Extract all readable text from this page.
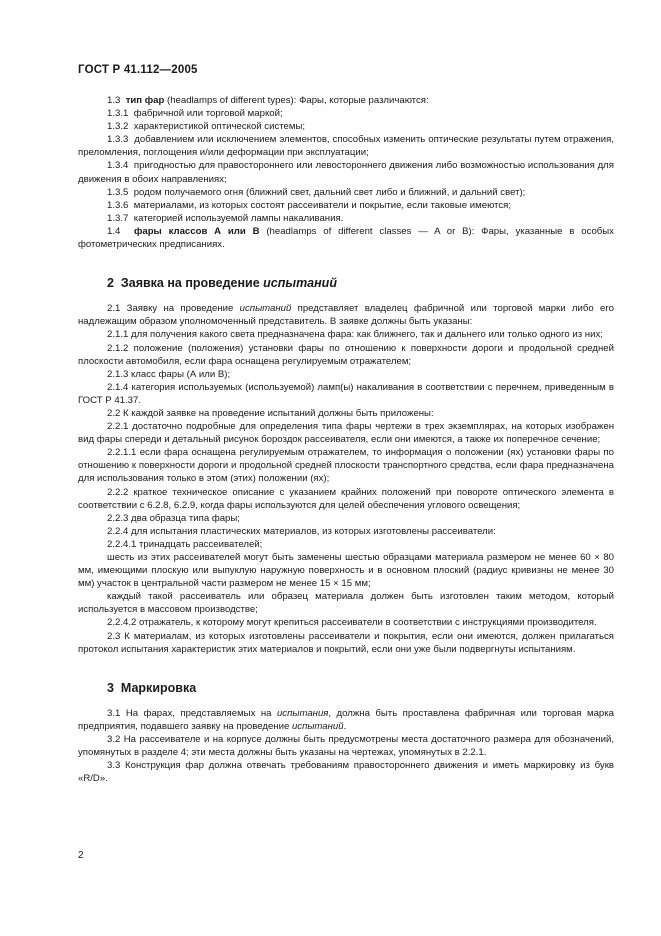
ГОСТ Р 41.112—2005

1.3 тип фар (headlamps of different types): Фары, которые различаются:

1.3.1 фабричной или торговой маркой;

1.3.2 характеристикой оптической системы;

1.3.3 добавлением или исключением элементов, способных изменить оптические результаты путем отражения, преломления, поглощения и/или деформации при эксплуатации;

1.3.4 пригодностью для правостороннего или левостороннего движения либо возможностью использования для движения в обоих направлениях;

1.3.5 родом получаемого огня (ближний свет, дальний свет либо и ближний, и дальний свет);

1.3.6 материалами, из которых состоят рассеиватели и покрытие, если таковые имеются;

1.3.7 категорией используемой лампы накаливания.

1.4 фары классов А или В (headlamps of different classes — A or B): Фары, указанные в особых фотометрических предписаниях.

2 Заявка на проведение испытаний

2.1 Заявку на проведение испытаний представляет владелец фабричной или торговой марки либо его надлежащим образом уполномоченный представитель. В заявке должны быть указаны:

2.1.1 для получения какого света предназначена фара: как ближнего, так и дальнего или только одного из них;

2.1.2 положение (положения) установки фары по отношению к поверхности дороги и продольной средней плоскости автомобиля, если фара оснащена регулируемым отражателем;

2.1.3 класс фары (А или В);

2.1.4 категория используемых (используемой) ламп(ы) накаливания в соответствии с перечнем, приведенным в ГОСТ Р 41.37.

2.2 К каждой заявке на проведение испытаний должны быть приложены:

2.2.1 достаточно подробные для определения типа фары чертежи в трех экземплярах, на которых изображен вид фары спереди и детальный рисунок бороздок рассеивателя, если они имеются, а также их поперечное сечение;

2.2.1.1 если фара оснащена регулируемым отражателем, то информация о положении (ях) установки фары по отношению к поверхности дороги и продольной средней плоскости транспортного средства, если фара предназначена для использования только в этом (этих) положении (ях);

2.2.2 краткое техническое описание с указанием крайних положений при повороте оптического элемента в соответствии с 6.2.8, 6.2.9, когда фары используются для целей обеспечения углового освещения;

2.2.3 два образца типа фары;

2.2.4 для испытания пластических материалов, из которых изготовлены рассеиватели:

2.2.4.1 тринадцать рассеивателей;

шесть из этих рассеивателей могут быть заменены шестью образцами материала размером не менее 60 × 80 мм, имеющими плоскую или выпуклую наружную поверхность и в основном плоский (радиус кривизны не менее 30 мм) участок в центральной части размером не менее 15 × 15 мм;

каждый такой рассеиватель или образец материала должен быть изготовлен таким методом, который используется в массовом производстве;

2.2.4.2 отражатель, к которому могут крепиться рассеиватели в соответствии с инструкциями производителя.

2.3 К материалам, из которых изготовлены рассеиватели и покрытия, если они имеются, должен прилагаться протокол испытания характеристик этих материалов и покрытий, если они уже были подвергнуты испытаниям.

3 Маркировка

3.1 На фарах, представляемых на испытания, должна быть проставлена фабричная или торговая марка предприятия, подавшего заявку на проведение испытаний.

3.2 На рассеивателе и на корпусе должны быть предусмотрены места достаточного размера для обозначений, упомянутых в разделе 4; эти места должны быть указаны на чертежах, упомянутых в 2.2.1.

3.3 Конструкция фар должна отвечать требованиям правостороннего движения и иметь маркировку из букв «R/D».

2
